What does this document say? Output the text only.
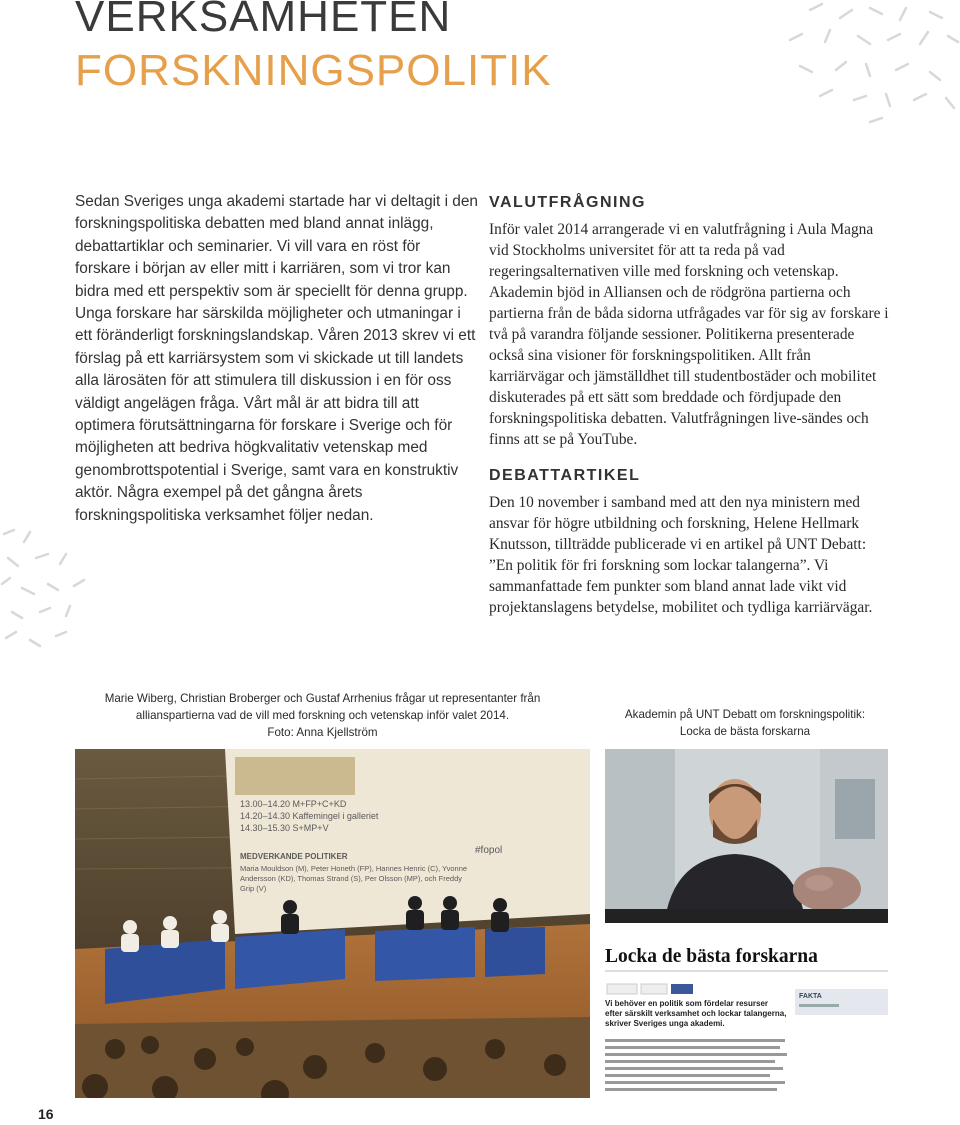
VERKSAMHETEN
FORSKNINGSPOLITIK

Sedan Sveriges unga akademi startade har vi deltagit i den forskningspolitiska debatten med bland annat inlägg, debattartiklar och seminarier. Vi vill vara en röst för forskare i början av eller mitt i karriären, som vi tror kan bidra med ett perspektiv som är speciellt för denna grupp. Unga forskare har särskilda möjligheter och utmaningar i ett föränderligt forskningslandskap. Våren 2013 skrev vi ett förslag på ett karriärsystem som vi skickade ut till landets alla lärosäten för att stimulera till diskussion i en för oss väldigt angelägen fråga. Vårt mål är att bidra till att optimera förutsättningarna för forskare i Sverige och för möjligheten att bedriva högkvalitativ vetenskap med genombrottspotential i Sverige, samt vara en konstruktiv aktör. Några exempel på det gångna årets forskningspolitiska verksamhet följer nedan.

VALUTFRÅGNING

Inför valet 2014 arrangerade vi en valutfrågning i Aula Magna vid Stockholms universitet för att ta reda på vad regeringsalternativen ville med forskning och vetenskap. Akademin bjöd in Alliansen och de rödgröna partierna och partierna från de båda sidorna utfrågades var för sig av forskare i två på varandra följande sessioner. Politikerna presenterade också sina visioner för forskningspolitiken. Allt från karriärvägar och jämställdhet till studentbostäder och mobilitet diskuterades på ett sätt som breddade och fördjupade den forskningspolitiska debatten. Valutfrågningen live-sändes och finns att se på YouTube.

DEBATTARTIKEL

Den 10 november i samband med att den nya ministern med ansvar för högre utbildning och forskning, Helene Hellmark Knutsson, tillträdde publicerade vi en artikel på UNT Debatt: ”En politik för fri forskning som lockar talangerna”. Vi sammanfattade fem punkter som bland annat lade vikt vid projektanslagens betydelse, mobilitet och tydliga karriärvägar.

Marie Wiberg, Christian Broberger och Gustaf Arrhenius frågar ut representanter från
allianspartierna vad de vill med forskning och vetenskap inför valet 2014.
Foto: Anna Kjellström
Akademin på UNT Debatt om forskningspolitik:
Locka de bästa forskarna
13.00–14.20 M+FP+C+KD
14.20–14.30 Kaffemingel i galleriet
14.30–15.30 S+MP+V
MEDVERKANDE POLITIKER
Maria Mouldson (M), Peter Honeth (FP), Hannes Henric (C), Yvonne
Andersson (KD), Thomas Strand (S), Per Olsson (MP), och Freddy
Grip (V)
#fopol
Locka de bästa forskarna
Vi behöver en politik som fördelar resurser efter särskilt verksamhet och lockar talangerna, skriver Sveriges unga akademi.
FAKTA
16
